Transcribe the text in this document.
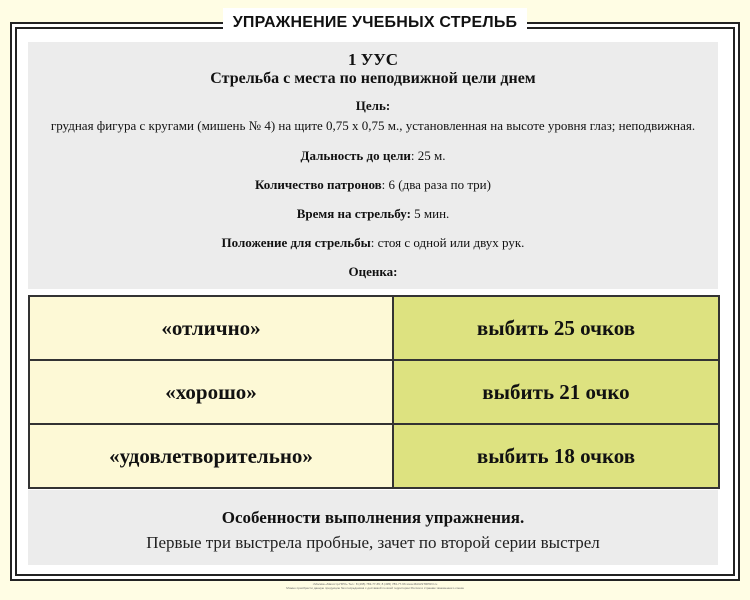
УПРАЖНЕНИЕ УЧЕБНЫХ СТРЕЛЬБ
1 УУС
Стрельба с места по неподвижной цели днем
Цель:
грудная фигура с кругами (мишень № 4) на щите 0,75 х 0,75 м., установленная на высоте уровня глаз; неподвижная.
Дальность до цели: 25 м.
Количество патронов: 6 (два раза по три)
Время на стрельбу: 5 мин.
Положение для стрельбы: стоя с одной или двух рук.
Оценка:
«отлично»	выбить 25 очков
«хорошо»	выбить 21 очко
«удовлетворительно»	выбить 18 очков
Особенности выполнения упражнения.
Первые три выстрела пробные, зачет по второй серии выстрел
г.Москва «Магистр-ПРО» Тел.: 8 (495) 783-77-65; 8 (495) 783-77-66 www.MAGISTRPRO.ru
Можно приобрести данную продукцию без посредников с доставкой по всей территории России и странам таможенного союза
